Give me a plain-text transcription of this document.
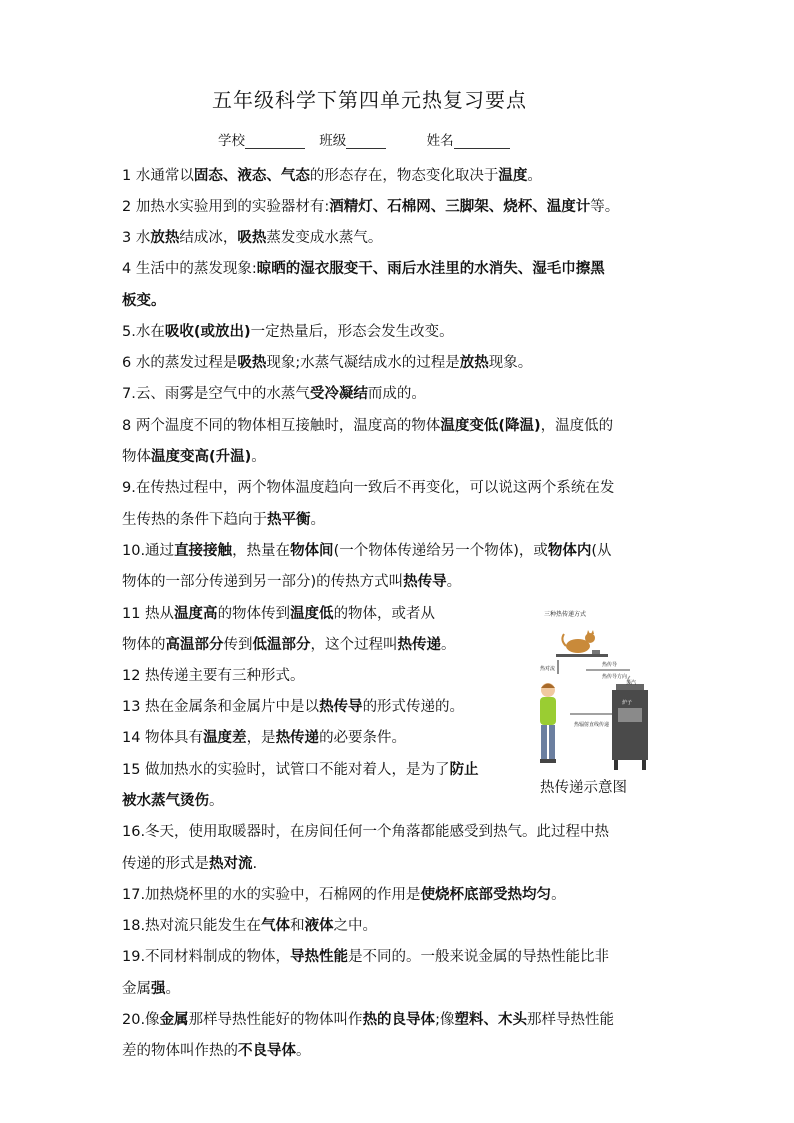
五年级科学下第四单元热复习要点
学校	班级	姓名
1 水通常以固态、液态、气态的形态存在，物态变化取决于温度。
2 加热水实验用到的实验器材有:酒精灯、石棉网、三脚架、烧杯、温度计等。
3 水放热结成冰，吸热蒸发变成水蒸气。
4 生活中的蒸发现象:晾晒的湿衣服变干、雨后水洼里的水消失、湿毛巾擦黑
板变。
5.水在吸收(或放出)一定热量后，形态会发生改变。
6 水的蒸发过程是吸热现象;水蒸气凝结成水的过程是放热现象。
7.云、雨雾是空气中的水蒸气受冷凝结而成的。
8 两个温度不同的物体相互接触时，温度高的物体温度变低(降温)，温度低的
物体温度变高(升温)。
9.在传热过程中，两个物体温度趋向一致后不再变化，可以说这两个系统在发
生传热的条件下趋向于热平衡。
10.通过直接接触，热量在物体间(一个物体传递给另一个物体)，或物体内(从
物体的一部分传递到另一部分)的传热方式叫热传导。
11 热从温度高的物体传到温度低的物体，或者从
物体的高温部分传到低温部分，这个过程叫热传递。
12 热传递主要有三种形式。
13 热在金属条和金属片中是以热传导的形式传递的。
14 物体具有温度差，是热传递的必要条件。
15 做加热水的实验时，试管口不能对着人，是为了防止
被水蒸气烫伤。
16.冬天，使用取暖器时，在房间任何一个角落都能感受到热气。此过程中热
传递的形式是热对流.
17.加热烧杯里的水的实验中，石棉网的作用是使烧杯底部受热均匀。
18.热对流只能发生在气体和液体之中。
19.不同材料制成的物体，导热性能是不同的。一般来说金属的导热性能比非
金属强。
20.像金属那样导热性能好的物体叫作热的良导体;像塑料、木头那样导热性能
差的物体叫作热的不良导体。
三种热传递方式
热对流
热传导
热传导方向
蒸汽
炉子
热辐射直线传递
热传递示意图
